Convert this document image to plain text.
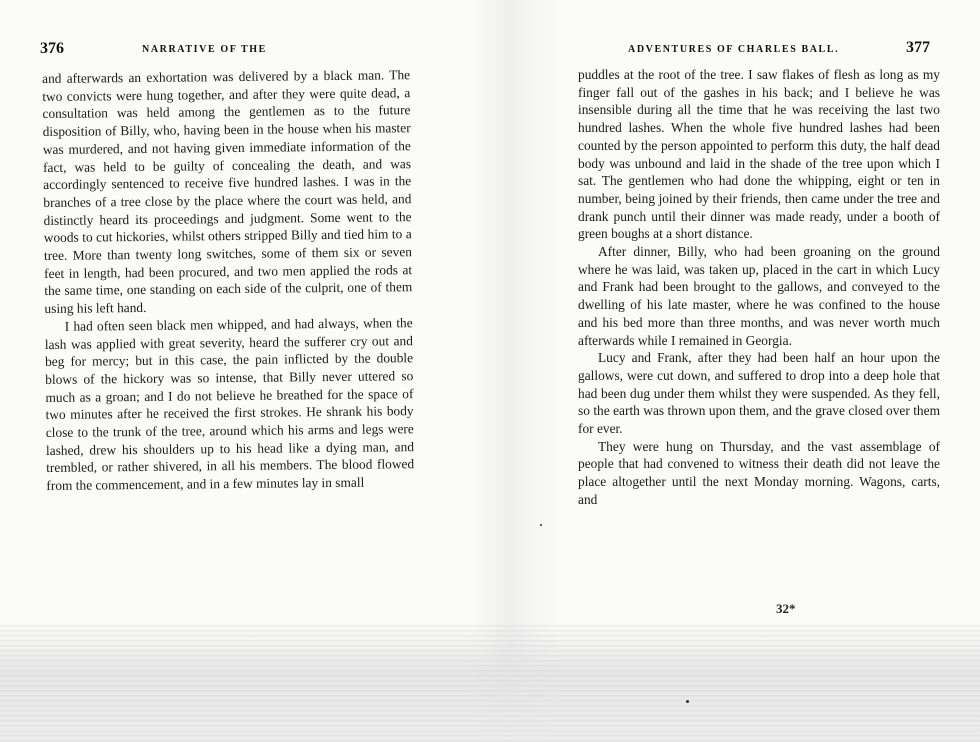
376	NARRATIVE OF THE	ADVENTURES OF CHARLES BALL.	377

and afterwards an exhortation was delivered by a black man. The two convicts were hung together, and after they were quite dead, a consultation was held among the gentlemen as to the future disposition of Billy, who, having been in the house when his master was murdered, and not having given immediate information of the fact, was held to be guilty of concealing the death, and was accordingly sentenced to receive five hundred lashes. I was in the branches of a tree close by the place where the court was held, and distinctly heard its proceedings and judgment. Some went to the woods to cut hickories, whilst others stripped Billy and tied him to a tree. More than twenty long switches, some of them six or seven feet in length, had been procured, and two men applied the rods at the same time, one standing on each side of the culprit, one of them using his left hand.

I had often seen black men whipped, and had always, when the lash was applied with great severity, heard the sufferer cry out and beg for mercy; but in this case, the pain inflicted by the double blows of the hickory was so intense, that Billy never uttered so much as a groan; and I do not believe he breathed for the space of two minutes after he received the first strokes. He shrank his body close to the trunk of the tree, around which his arms and legs were lashed, drew his shoulders up to his head like a dying man, and trembled, or rather shivered, in all his members. The blood flowed from the commencement, and in a few minutes lay in small

puddles at the root of the tree. I saw flakes of flesh as long as my finger fall out of the gashes in his back; and I believe he was insensible during all the time that he was receiving the last two hundred lashes. When the whole five hundred lashes had been counted by the person appointed to perform this duty, the half dead body was unbound and laid in the shade of the tree upon which I sat. The gentlemen who had done the whipping, eight or ten in number, being joined by their friends, then came under the tree and drank punch until their dinner was made ready, under a booth of green boughs at a short distance.

After dinner, Billy, who had been groaning on the ground where he was laid, was taken up, placed in the cart in which Lucy and Frank had been brought to the gallows, and conveyed to the dwelling of his late master, where he was confined to the house and his bed more than three months, and was never worth much afterwards while I remained in Georgia.

Lucy and Frank, after they had been half an hour upon the gallows, were cut down, and suffered to drop into a deep hole that had been dug under them whilst they were suspended. As they fell, so the earth was thrown upon them, and the grave closed over them for ever.

They were hung on Thursday, and the vast assemblage of people that had convened to witness their death did not leave the place altogether until the next Monday morning. Wagons, carts, and

32*
